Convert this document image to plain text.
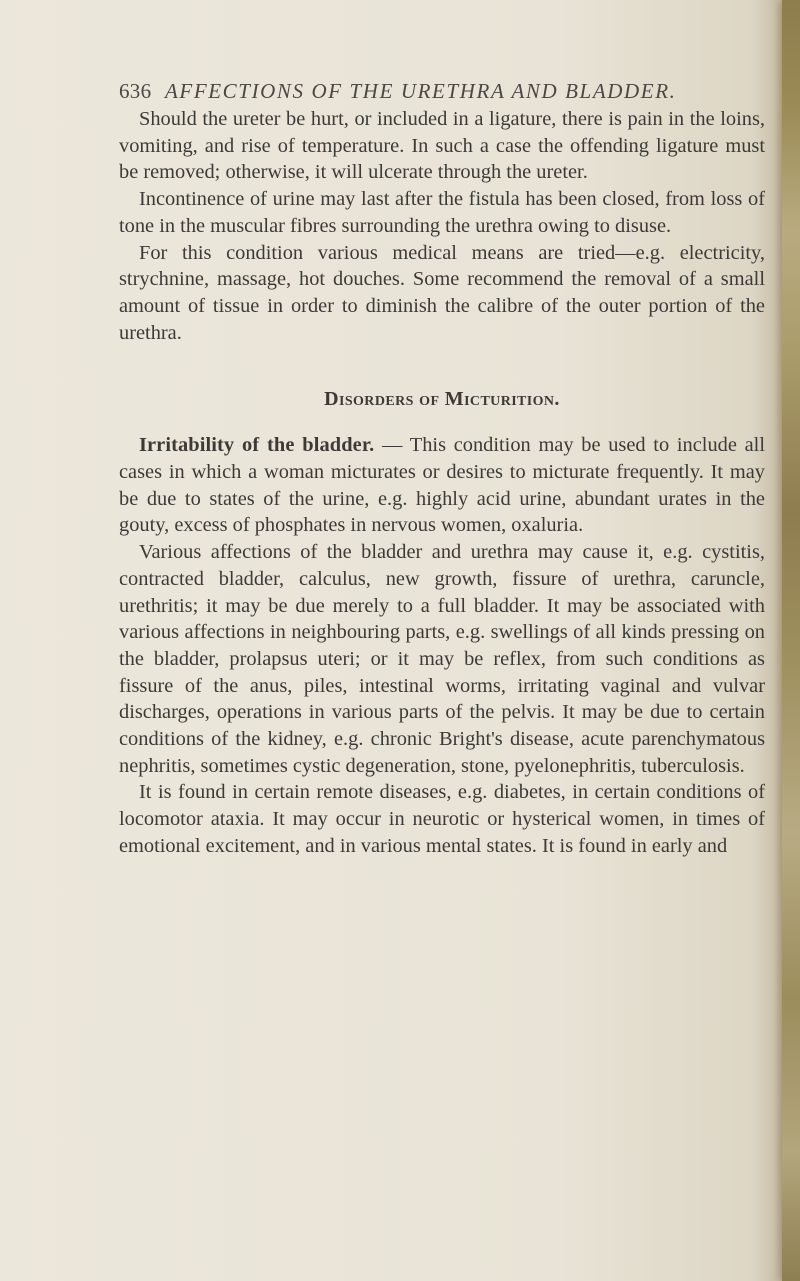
636 AFFECTIONS OF THE URETHRA AND BLADDER.

Should the ureter be hurt, or included in a ligature, there is pain in the loins, vomiting, and rise of temperature. In such a case the offending ligature must be removed; otherwise, it will ulcerate through the ureter.

Incontinence of urine may last after the fistula has been closed, from loss of tone in the muscular fibres surrounding the urethra owing to disuse.

For this condition various medical means are tried—e.g. electricity, strychnine, massage, hot douches. Some recommend the removal of a small amount of tissue in order to diminish the calibre of the outer portion of the urethra.

Disorders of Micturition.

Irritability of the bladder. — This condition may be used to include all cases in which a woman micturates or desires to micturate frequently. It may be due to states of the urine, e.g. highly acid urine, abundant urates in the gouty, excess of phosphates in nervous women, oxaluria.

Various affections of the bladder and urethra may cause it, e.g. cystitis, contracted bladder, calculus, new growth, fissure of urethra, caruncle, urethritis; it may be due merely to a full bladder. It may be associated with various affections in neighbouring parts, e.g. swellings of all kinds pressing on the bladder, prolapsus uteri; or it may be reflex, from such conditions as fissure of the anus, piles, intestinal worms, irritating vaginal and vulvar discharges, operations in various parts of the pelvis. It may be due to certain conditions of the kidney, e.g. chronic Bright's disease, acute parenchymatous nephritis, sometimes cystic degeneration, stone, pyelonephritis, tuberculosis.

It is found in certain remote diseases, e.g. diabetes, in certain conditions of locomotor ataxia. It may occur in neurotic or hysterical women, in times of emotional excitement, and in various mental states. It is found in early and
